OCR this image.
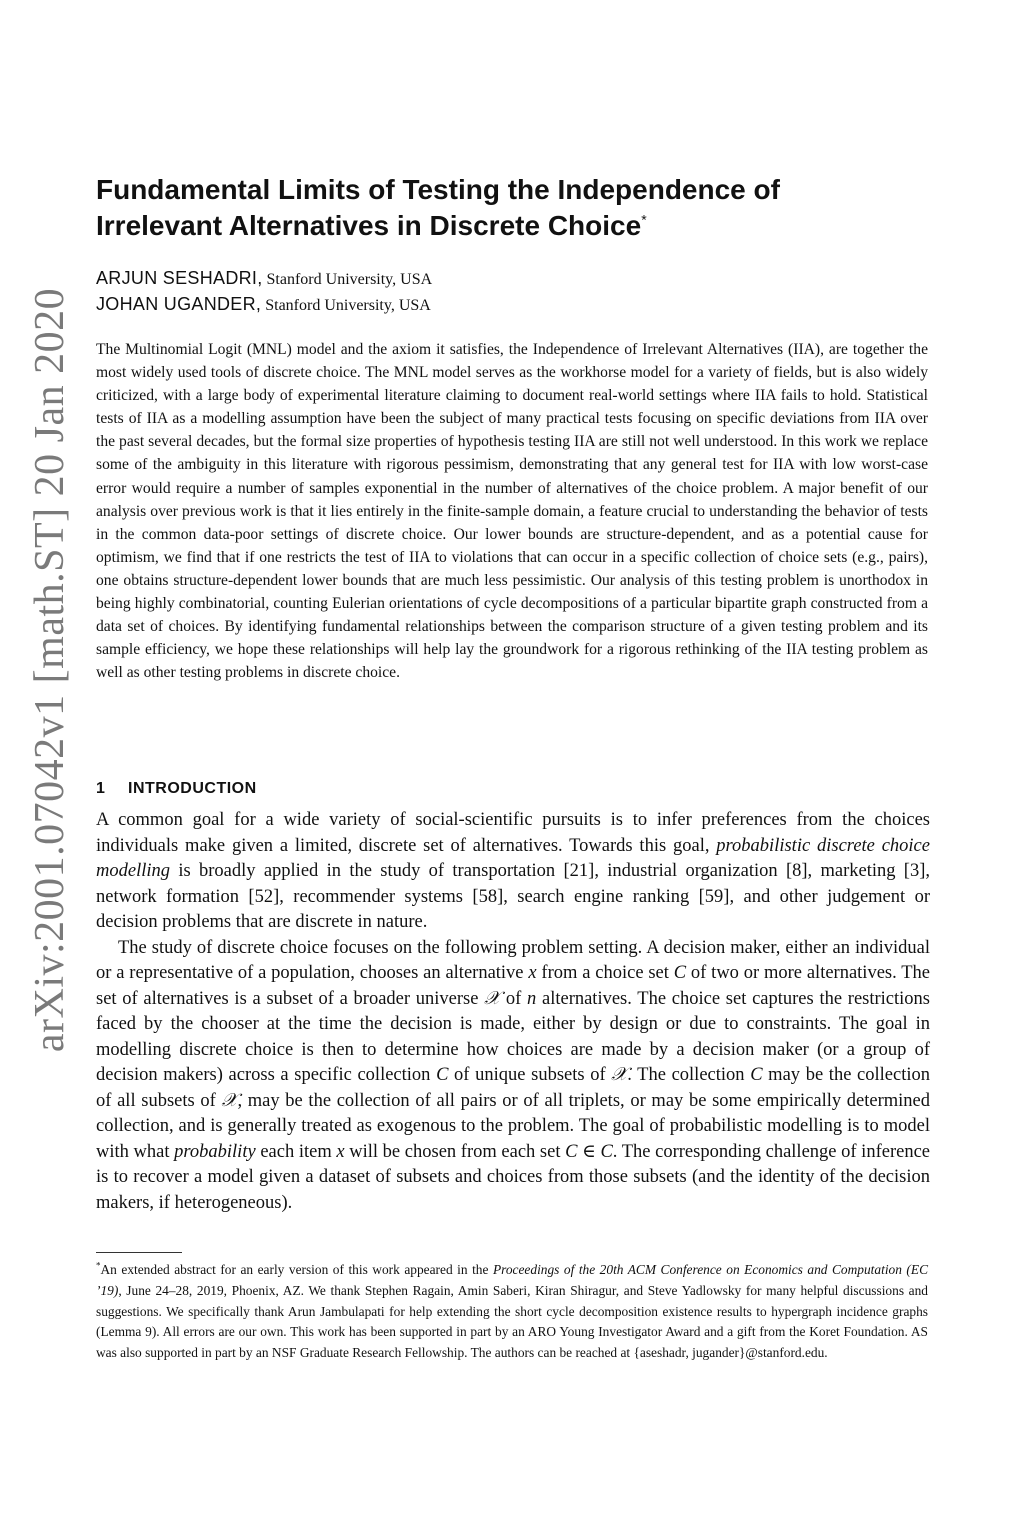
arXiv:2001.07042v1 [math.ST] 20 Jan 2020
Fundamental Limits of Testing the Independence of
Irrelevant Alternatives in Discrete Choice*
ARJUN SESHADRI, Stanford University, USA
JOHAN UGANDER, Stanford University, USA

The Multinomial Logit (MNL) model and the axiom it satisfies, the Independence of Irrelevant Alternatives (IIA), are together the most widely used tools of discrete choice. The MNL model serves as the workhorse model for a variety of fields, but is also widely criticized, with a large body of experimental literature claiming to document real-world settings where IIA fails to hold. Statistical tests of IIA as a modelling assumption have been the subject of many practical tests focusing on specific deviations from IIA over the past several decades, but the formal size properties of hypothesis testing IIA are still not well understood. In this work we replace some of the ambiguity in this literature with rigorous pessimism, demonstrating that any general test for IIA with low worst-case error would require a number of samples exponential in the number of alternatives of the choice problem. A major benefit of our analysis over previous work is that it lies entirely in the finite-sample domain, a feature crucial to understanding the behavior of tests in the common data-poor settings of discrete choice. Our lower bounds are structure-dependent, and as a potential cause for optimism, we find that if one restricts the test of IIA to violations that can occur in a specific collection of choice sets (e.g., pairs), one obtains structure-dependent lower bounds that are much less pessimistic. Our analysis of this testing problem is unorthodox in being highly combinatorial, counting Eulerian orientations of cycle decompositions of a particular bipartite graph constructed from a data set of choices. By identifying fundamental relationships between the comparison structure of a given testing problem and its sample efficiency, we hope these relationships will help lay the groundwork for a rigorous rethinking of the IIA testing problem as well as other testing problems in discrete choice.

1 INTRODUCTION

A common goal for a wide variety of social-scientific pursuits is to infer preferences from the choices individuals make given a limited, discrete set of alternatives. Towards this goal, probabilistic discrete choice modelling is broadly applied in the study of transportation [21], industrial organization [8], marketing [3], network formation [52], recommender systems [58], search engine ranking [59], and other judgement or decision problems that are discrete in nature.

The study of discrete choice focuses on the following problem setting. A decision maker, either an individual or a representative of a population, chooses an alternative x from a choice set C of two or more alternatives. The set of alternatives is a subset of a broader universe 𝒳 of n alternatives. The choice set captures the restrictions faced by the chooser at the time the decision is made, either by design or due to constraints. The goal in modelling discrete choice is then to determine how choices are made by a decision maker (or a group of decision makers) across a specific collection C of unique subsets of 𝒳. The collection C may be the collection of all subsets of 𝒳, may be the collection of all pairs or of all triplets, or may be some empirically determined collection, and is generally treated as exogenous to the problem. The goal of probabilistic modelling is to model with what probability each item x will be chosen from each set C ∈ C. The corresponding challenge of inference is to recover a model given a dataset of subsets and choices from those subsets (and the identity of the decision makers, if heterogeneous).

*An extended abstract for an early version of this work appeared in the Proceedings of the 20th ACM Conference on Economics and Computation (EC ’19), June 24–28, 2019, Phoenix, AZ. We thank Stephen Ragain, Amin Saberi, Kiran Shiragur, and Steve Yadlowsky for many helpful discussions and suggestions. We specifically thank Arun Jambulapati for help extending the short cycle decomposition existence results to hypergraph incidence graphs (Lemma 9). All errors are our own. This work has been supported in part by an ARO Young Investigator Award and a gift from the Koret Foundation. AS was also supported in part by an NSF Graduate Research Fellowship. The authors can be reached at {aseshadr, jugander}@stanford.edu.
